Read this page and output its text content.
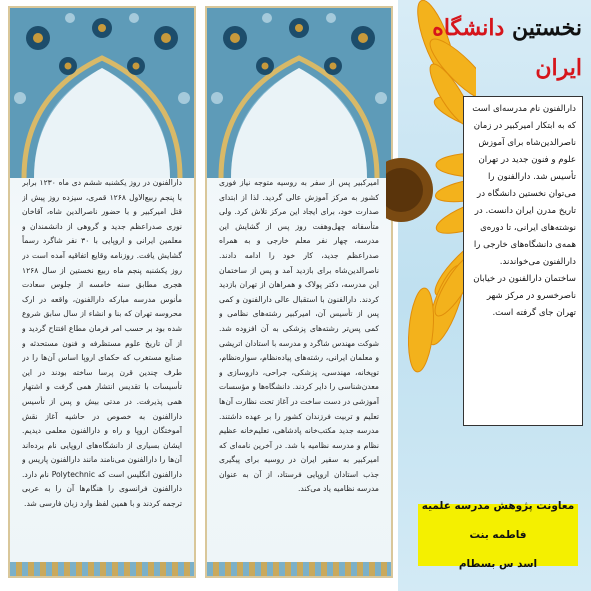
دارالفنون در روز یکشنبه ششم دی ماه ۱۲۳۰ برابر با پنجم ربیع‌الاول ۱۲۶۸ قمری، سیزده روز پیش از قتل امیرکبیر و با حضور ناصرالدین شاه، آقاخان نوری صدراعظم جدید و گروهی از دانشمندان و معلمین ایرانی و اروپایی با ۳۰ نفر شاگرد رسماً گشایش یافت. روزنامه وقایع اتفاقیه آمده است در روز یکشنبه پنجم ماه ربیع نخستین از سال ۱۲۶۸ هجری مطابق سنه خامسه از جلوس سعادت مأنوس مدرسه مبارکه دارالفنون، واقعه در ارک محروسه تهران که بنا و انشاء از سال سابق شروع شده بود بر حسب امر فرمان مطاع افتتاح گردید و از آن تاریخ علوم مستظرفه و فنون مستحدثه و صنایع مستغرب که حکمای اروپا اساس آن‌ها را در طرف چندین قرن پرسا ساخته بودند در این تأسیسات با تقدیس انتشار همی گرفت و اشتهار همی پذیرفت. در مدتی بیش و پس از تأسیس دارالفنون به خصوص در حاشیه آغاز نقش آموختگان اروپا و راه و دارالفنون معلمی دیدیم. ایشان بسیاری از دانشگاه‌های اروپایی نام برده‌اند آن‌ها را دارالفنون می‌نامند مانند دارالفنون پاریس و دارالفنون انگلیس است که Polytechnic نام دارد. دارالفنون فرانسوی را هنگام‌ها آن را به عربی ترجمه کردند و با همین لفظ وارد زبان فارسی شد.

امیرکبیر پس از سفر به روسیه متوجه نیاز فوری کشور به مرکز آموزش عالی گردید. لذا از ابتدای صدارت خود، برای ایجاد این مرکز تلاش کرد. ولی متأسفانه چهل‌وهفت روز پس از گشایش این مدرسه، چهار نفر معلم خارجی و به همراه صدراعظم جدید، کار خود را ادامه دادند. ناصرالدین‌شاه برای بازدید آمد و پس از ساختمان این مدرسه، دکتر پولاک و همراهان از تهران بازدید کردند. دارالفنون با استقبال عالی دارالفنون و کمی پس از تأسیس آن، امیرکبیر رشته‌های نظامی و کمی پس‌تر رشته‌های پزشکی به آن افزوده شد. شوکت مهندس شاگرد و مدرسه با استادان اتریشی و معلمان ایرانی، رشته‌های پیاده‌نظام، سواره‌نظام، توپخانه، مهندسی، پزشکی، جراحی، داروسازی و معدن‌شناسی را دایر کردند. دانشگاه‌ها و مؤسسات آموزشی در دست ساخت در آغاز تحت نظارت آن‌ها تعلیم و تربیت فرزندان کشور را بر عهده داشتند. مدرسه جدید مکتب‌خانه پادشاهی، تعلیم‌خانه عظیم نظام و مدرسه نظامیه با شد. در آخرین نامه‌ای که امیرکبیر به سفیر ایران در روسیه برای پیگیری جذب استادان اروپایی فرستاد، از آن به عنوان مدرسه نظامیه یاد می‌کند.

نخستین دانشگاه ایران
دارالفنون نام مدرسه‌ای است که به ابتکار امیرکبیر در زمان ناصرالدین‌شاه برای آموزش علوم و فنون جدید در تهران تأسیس شد. دارالفنون را می‌توان نخستین دانشگاه در تاریخ مدرن ایران دانست. در نوشته‌های ایرانی، تا دوره‌ی همه‌ی دانشگاه‌های خارجی را دارالفنون می‌خواندند. ساختمان دارالفنون در خیابان ناصرخسرو در مرکز شهر تهران جای گرفته است.
معاونت پژوهش مدرسه علمیه فاطمه بنت
اسد س بسطام
